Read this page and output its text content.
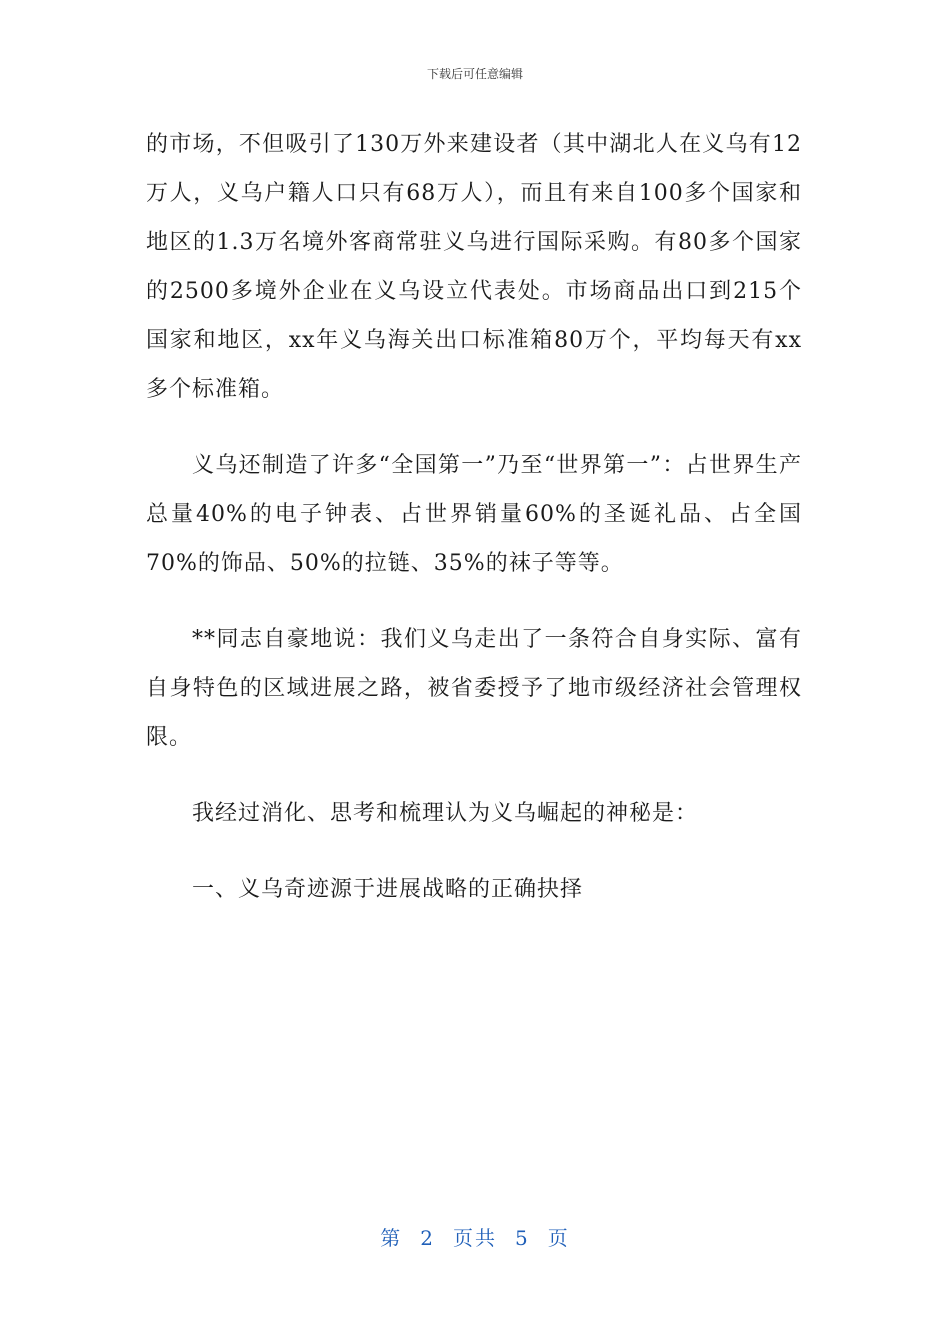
下载后可任意编辑

的市场，不但吸引了130万外来建设者（其中湖北人在义乌有12万人，义乌户籍人口只有68万人），而且有来自100多个国家和地区的1.3万名境外客商常驻义乌进行国际采购。有80多个国家的2500多境外企业在义乌设立代表处。市场商品出口到215个国家和地区，xx年义乌海关出口标准箱80万个，平均每天有xx多个标准箱。

义乌还制造了许多“全国第一”乃至“世界第一”：占世界生产总量40%的电子钟表、占世界销量60%的圣诞礼品、占全国70%的饰品、50%的拉链、35%的袜子等等。

**同志自豪地说：我们义乌走出了一条符合自身实际、富有自身特色的区域进展之路，被省委授予了地市级经济社会管理权限。

我经过消化、思考和梳理认为义乌崛起的神秘是：

一、义乌奇迹源于进展战略的正确抉择

第 2 页共 5 页
